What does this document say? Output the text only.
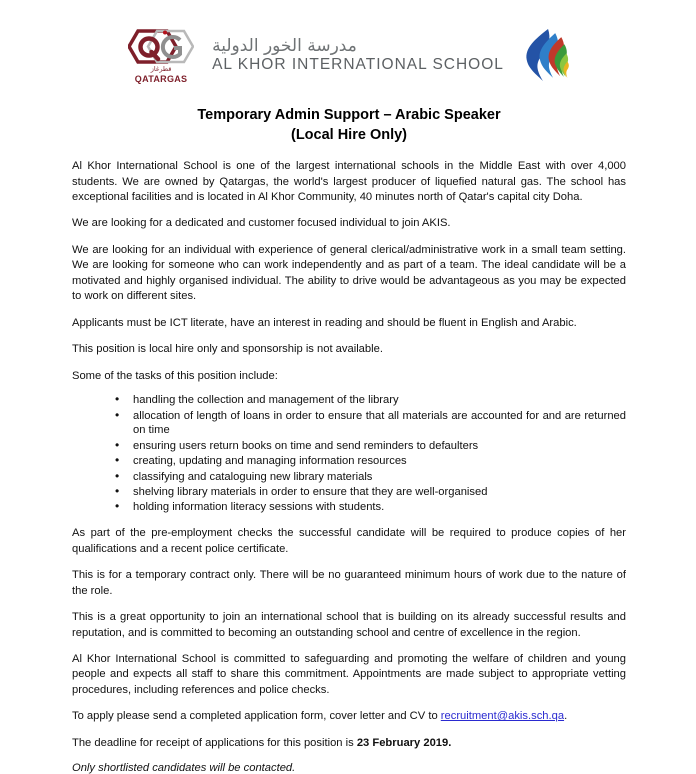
قطرغاز
QATARGAS
مدرسة الخور الدولية
AL KHOR INTERNATIONAL SCHOOL
Temporary Admin Support – Arabic Speaker
(Local Hire Only)

Al Khor International School is one of the largest international schools in the Middle East with over 4,000 students. We are owned by Qatargas, the world's largest producer of liquefied natural gas. The school has exceptional facilities and is located in Al Khor Community, 40 minutes north of Qatar's capital city Doha.

We are looking for a dedicated and customer focused individual to join AKIS.

We are looking for an individual with experience of general clerical/administrative work in a small team setting. We are looking for someone who can work independently and as part of a team. The ideal candidate will be a motivated and highly organised individual. The ability to drive would be advantageous as you may be expected to work on different sites.

Applicants must be ICT literate, have an interest in reading and should be fluent in English and Arabic.

This position is local hire only and sponsorship is not available.

Some of the tasks of this position include:

• handling the collection and management of the library
• allocation of length of loans in order to ensure that all materials are accounted for and are returned on time
• ensuring users return books on time and send reminders to defaulters
• creating, updating and managing information resources
• classifying and cataloguing new library materials
• shelving library materials in order to ensure that they are well-organised
• holding information literacy sessions with students.

As part of the pre-employment checks the successful candidate will be required to produce copies of her qualifications and a recent police certificate.

This is for a temporary contract only. There will be no guaranteed minimum hours of work due to the nature of the role.

This is a great opportunity to join an international school that is building on its already successful results and reputation, and is committed to becoming an outstanding school and centre of excellence in the region.

Al Khor International School is committed to safeguarding and promoting the welfare of children and young people and expects all staff to share this commitment. Appointments are made subject to appropriate vetting procedures, including references and police checks.

To apply please send a completed application form, cover letter and CV to recruitment@akis.sch.qa.

The deadline for receipt of applications for this position is 23 February 2019.

Only shortlisted candidates will be contacted.
